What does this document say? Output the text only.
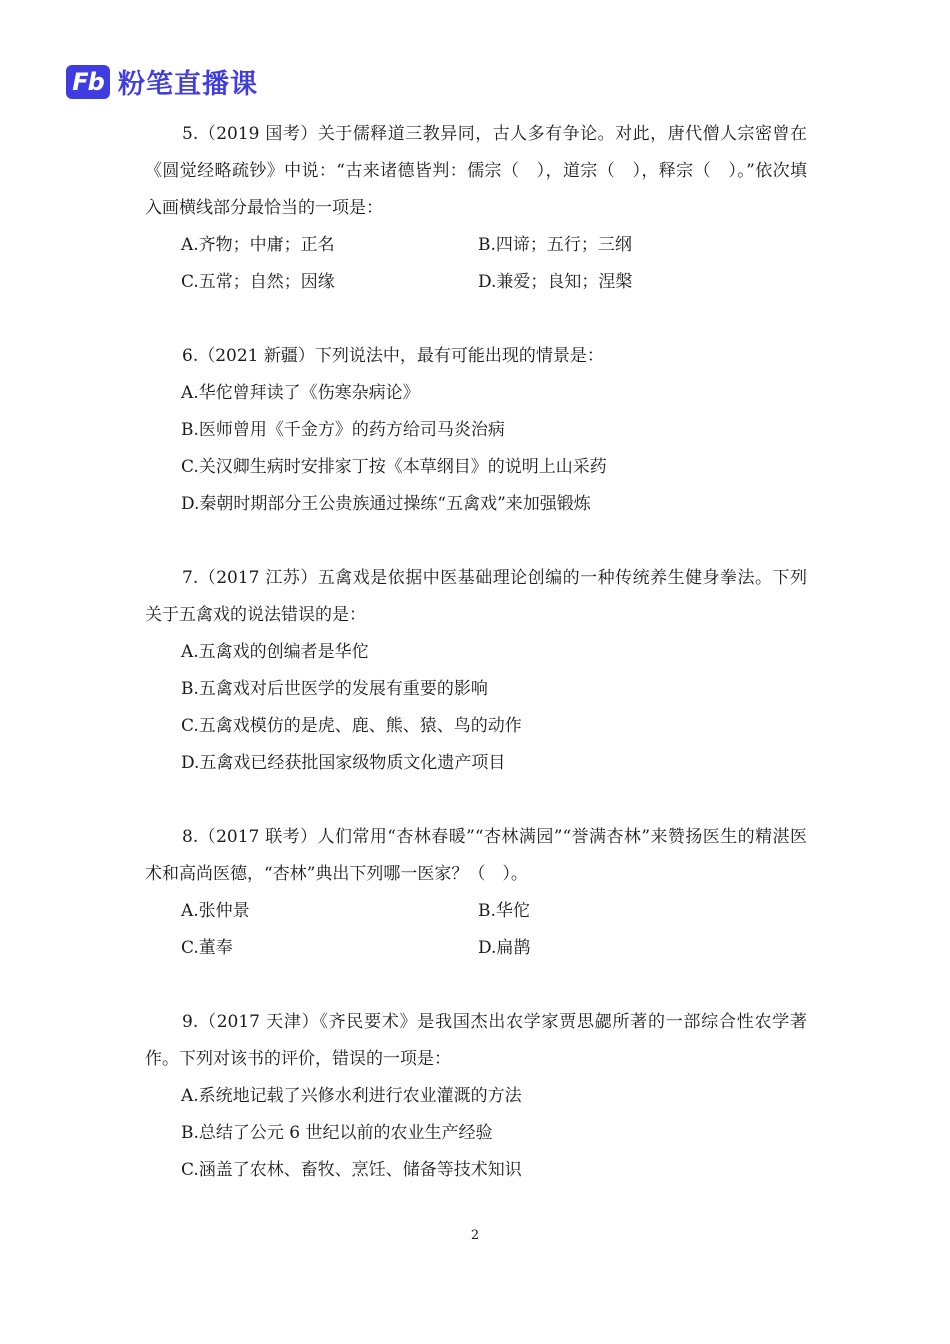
Fb 粉笔直播课
5.（2019 国考）关于儒释道三教异同，古人多有争论。对此，唐代僧人宗密曾在《圆觉经略疏钞》中说：“古来诸德皆判：儒宗（　），道宗（　），释宗（　）。”依次填入画横线部分最恰当的一项是：
A.齐物；中庸；正名	B.四谛；五行；三纲
C.五常；自然；因缘	D.兼爱；良知；涅槃
6.（2021 新疆）下列说法中，最有可能出现的情景是：
A.华佗曾拜读了《伤寒杂病论》
B.医师曾用《千金方》的药方给司马炎治病
C.关汉卿生病时安排家丁按《本草纲目》的说明上山采药
D.秦朝时期部分王公贵族通过操练“五禽戏”来加强锻炼
7.（2017 江苏）五禽戏是依据中医基础理论创编的一种传统养生健身拳法。下列关于五禽戏的说法错误的是：
A.五禽戏的创编者是华佗
B.五禽戏对后世医学的发展有重要的影响
C.五禽戏模仿的是虎、鹿、熊、猿、鸟的动作
D.五禽戏已经获批国家级物质文化遗产项目
8.（2017 联考）人们常用“杏林春暖”“杏林满园”“誉满杏林”来赞扬医生的精湛医术和高尚医德，“杏林”典出下列哪一医家？（　）。
A.张仲景	B.华佗
C.董奉	D.扁鹊
9.（2017 天津）《齐民要术》是我国杰出农学家贾思勰所著的一部综合性农学著作。下列对该书的评价，错误的一项是：
A.系统地记载了兴修水利进行农业灌溉的方法
B.总结了公元 6 世纪以前的农业生产经验
C.涵盖了农林、畜牧、烹饪、储备等技术知识
2
